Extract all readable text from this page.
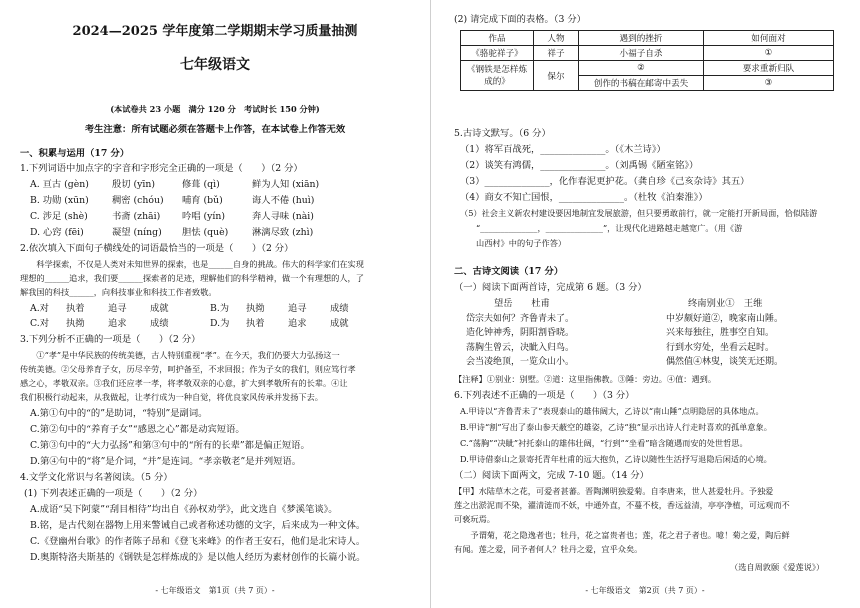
2024—2025 学年度第二学期期末学习质量抽测
七年级语文
(本试卷共 23 小题　满分 120 分　考试时长 150 分钟)
考生注意：所有试题必须在答题卡上作答，在本试卷上作答无效
一、积累与运用（17 分）
1.下列词语中加点字的字音和字形完全正确的一项是（　　）（2 分）
A. 亘古 (gèn) 殷切 (yīn)	修葺 (qì)	鲜为人知 (xiān)
B. 功勋 (xūn) 稠密 (chóu) 哺育 (bǔ)	诲人不倦 (huì)
C. 涉足 (shè)	书斋 (zhāi) 吟唱 (yín)	奔人寻味 (nài)
D. 心窍 (fēi)	凝望 (níng) 胆怯 (què)	淋漓尽致 (zhì)
2.依次填入下面句子横线处的词语最恰当的一项是（　　）（2 分）
　　科学探索，不仅是人类对未知世界的探索，也是______自身的挑战。伟大的科学家们在实现
理想的______追求，我们要______探索者的足迹，理解他们的科学精神，做一个有理想的人，了
解我国的科技______，向科技事业和科技工作者致敬。
A.对 执着	追寻	成就	B.为 执拗	追寻	成绩
C.对 执拗	追求	成绩	D.为 执着	追求	成就
3.下列分析不正确的一项是（　　）（2 分）
　　①“孝”是中华民族的传统美德，古人特别重视“孝”。在今天，我们仍要大力弘扬这一
传统美德。②父母养育子女，历尽辛劳，呵护备至，不求回报；作为子女的我们，则应笃行孝
感之心，孝敬双亲。③我们还应孝一孝，将孝敬双亲的心意，扩大到孝敬所有的长辈。④让
我们积极行动起来，从我做起，让孝行成为一种自觉，将优良家风传承并发扬下去。
A.第①句中的“的”是助词，“特别”是副词。
C.第②句中的“养育子女”“感恩之心”都是动宾短语。
C.第③句中的“大力弘扬”和第③句中的“所有的长辈”都是偏正短语。
D.第④句中的“将”是介词，“并”是连词。“孝亲敬老”是并列短语。
4.文学文化常识与名著阅读。（5 分）
(1) 下列表述正确的一项是（　　）（2 分）
A.成语“吴下阿蒙”“刮目相待”均出自《孙权劝学》，此文选自《梦溪笔谈》。
B.铭，是古代刻在器物上用来警诫自己或者称述功德的文字，后来成为一种文体。
C.《登幽州台歌》的作者陈子昂和《登飞来峰》的作者王安石，他们是北宋诗人。
D.奥斯特洛夫斯基的《钢铁是怎样炼成的》是以他人经历为素材创作的长篇小说。
- 七年级语文　第1页（共 7 页）-
(2) 请完成下面的表格。（3 分）
作品	人物	遇到的挫折	如何面对
《骆驼祥子》	祥子	小福子自杀	①
《钢铁是怎样炼成的》	保尔	②	要求重新归队
		创作的书稿在邮寄中丢失	③
5.古诗文默写。（6 分）
（1）将军百战死，______________。（《木兰诗》）
（2）谈笑有鸿儒，______________。（刘禹锡《陋室铭》）
（3）______________，化作春泥更护花。（龚自珍《己亥杂诗》其五）
（4）商女不知亡国恨，______________。（杜牧《泊秦淮》）
（5）社会主义新农村建设要因地制宜发展旅游，但只要勇敢前行，就一定能打开新局面，恰似陆游
“______________，______________”，让现代化进路越走越宽广。（用《游
山西村》中的句子作答）
二、古诗文阅读（17 分）
（一）阅读下面两首诗，完成第 6 题。（3 分）
望岳　　杜甫
岱宗夫如何？齐鲁青未了。
造化钟神秀，阴阳割昏晓。
荡胸生曾云，决眦入归鸟。
会当凌绝顶，一览众山小。
终南别业①　王维
中岁颇好道②，晚家南山陲。
兴来每独往，胜事空自知。
行到水穷处，坐看云起时。
偶然值④林叟，谈笑无还期。
【注释】①别业：别墅。②道：这里指佛教。③陲：旁边。④值：遇到。
6.下列表述不正确的一项是（　　）（3 分）
A.甲诗以“齐鲁青未了”表现泰山的雄伟阔大，乙诗以“南山陲”点明隐居的具体地点。
B.甲诗“割”写出了泰山参天蔽空的雄姿，乙诗“独”显示出诗人行走时喜欢的孤单意象。
C.“荡胸”“决眦”衬托泰山的雄伟壮阔，“行到”“坐看”暗含随遇而安的处世哲思。
D.甲诗借泰山之景寄托青年杜甫的远大抱负，乙诗以随性生活抒写退隐后闲适的心境。
（二）阅读下面两文，完成 7-10 题。（14 分）
【甲】水陆草木之花，可爱者甚蕃。晋陶渊明独爱菊。自李唐来，世人甚爱牡丹。予独爱
莲之出淤泥而不染，濯清涟而不妖，中通外直，不蔓不枝，香远益清，亭亭净植，可远观而不
可亵玩焉。
　　予谓菊，花之隐逸者也；牡丹，花之富贵者也；莲，花之君子者也。噫！菊之爱，陶后鲜
有闻。莲之爱，同予者何人？牡丹之爱，宜乎众矣。
（选自周敦颐《爱莲说》）
- 七年级语文　第2页（共 7 页）-
